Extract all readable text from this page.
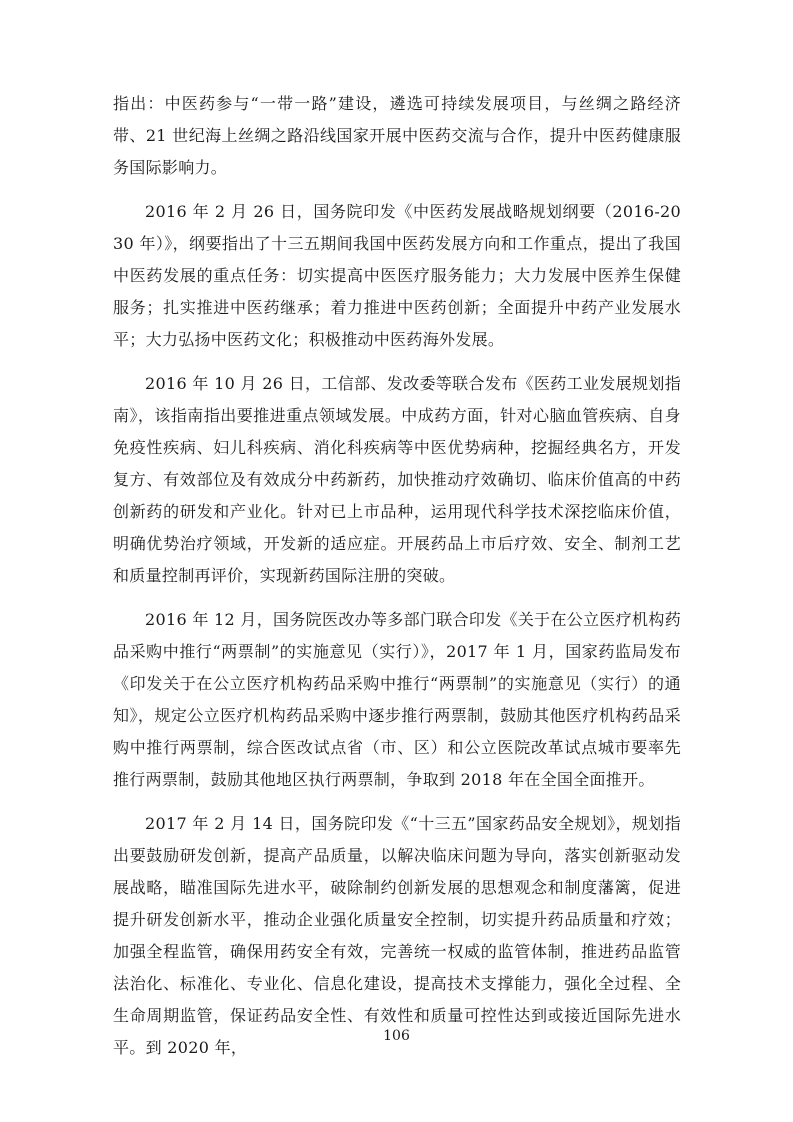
指出：中医药参与“一带一路”建设，遴选可持续发展项目，与丝绸之路经济带、21 世纪海上丝绸之路沿线国家开展中医药交流与合作，提升中医药健康服务国际影响力。

2016 年 2 月 26 日，国务院印发《中医药发展战略规划纲要（2016-2030 年）》，纲要指出了十三五期间我国中医药发展方向和工作重点，提出了我国中医药发展的重点任务：切实提高中医医疗服务能力；大力发展中医养生保健服务；扎实推进中医药继承；着力推进中医药创新；全面提升中药产业发展水平；大力弘扬中医药文化；积极推动中医药海外发展。

2016 年 10 月 26 日，工信部、发改委等联合发布《医药工业发展规划指南》，该指南指出要推进重点领域发展。中成药方面，针对心脑血管疾病、自身免疫性疾病、妇儿科疾病、消化科疾病等中医优势病种，挖掘经典名方，开发复方、有效部位及有效成分中药新药，加快推动疗效确切、临床价值高的中药创新药的研发和产业化。针对已上市品种，运用现代科学技术深挖临床价值，明确优势治疗领域，开发新的适应症。开展药品上市后疗效、安全、制剂工艺和质量控制再评价，实现新药国际注册的突破。

2016 年 12 月，国务院医改办等多部门联合印发《关于在公立医疗机构药品采购中推行“两票制”的实施意见（实行）》，2017 年 1 月，国家药监局发布《印发关于在公立医疗机构药品采购中推行“两票制”的实施意见（实行）的通知》，规定公立医疗机构药品采购中逐步推行两票制，鼓励其他医疗机构药品采购中推行两票制，综合医改试点省（市、区）和公立医院改革试点城市要率先推行两票制，鼓励其他地区执行两票制，争取到 2018 年在全国全面推开。

2017 年 2 月 14 日，国务院印发《“十三五”国家药品安全规划》，规划指出要鼓励研发创新，提高产品质量，以解决临床问题为导向，落实创新驱动发展战略，瞄准国际先进水平，破除制约创新发展的思想观念和制度藩篱，促进提升研发创新水平，推动企业强化质量安全控制，切实提升药品质量和疗效；加强全程监管，确保用药安全有效，完善统一权威的监管体制，推进药品监管法治化、标准化、专业化、信息化建设，提高技术支撑能力，强化全过程、全生命周期监管，保证药品安全性、有效性和质量可控性达到或接近国际先进水平。到 2020 年，

106
